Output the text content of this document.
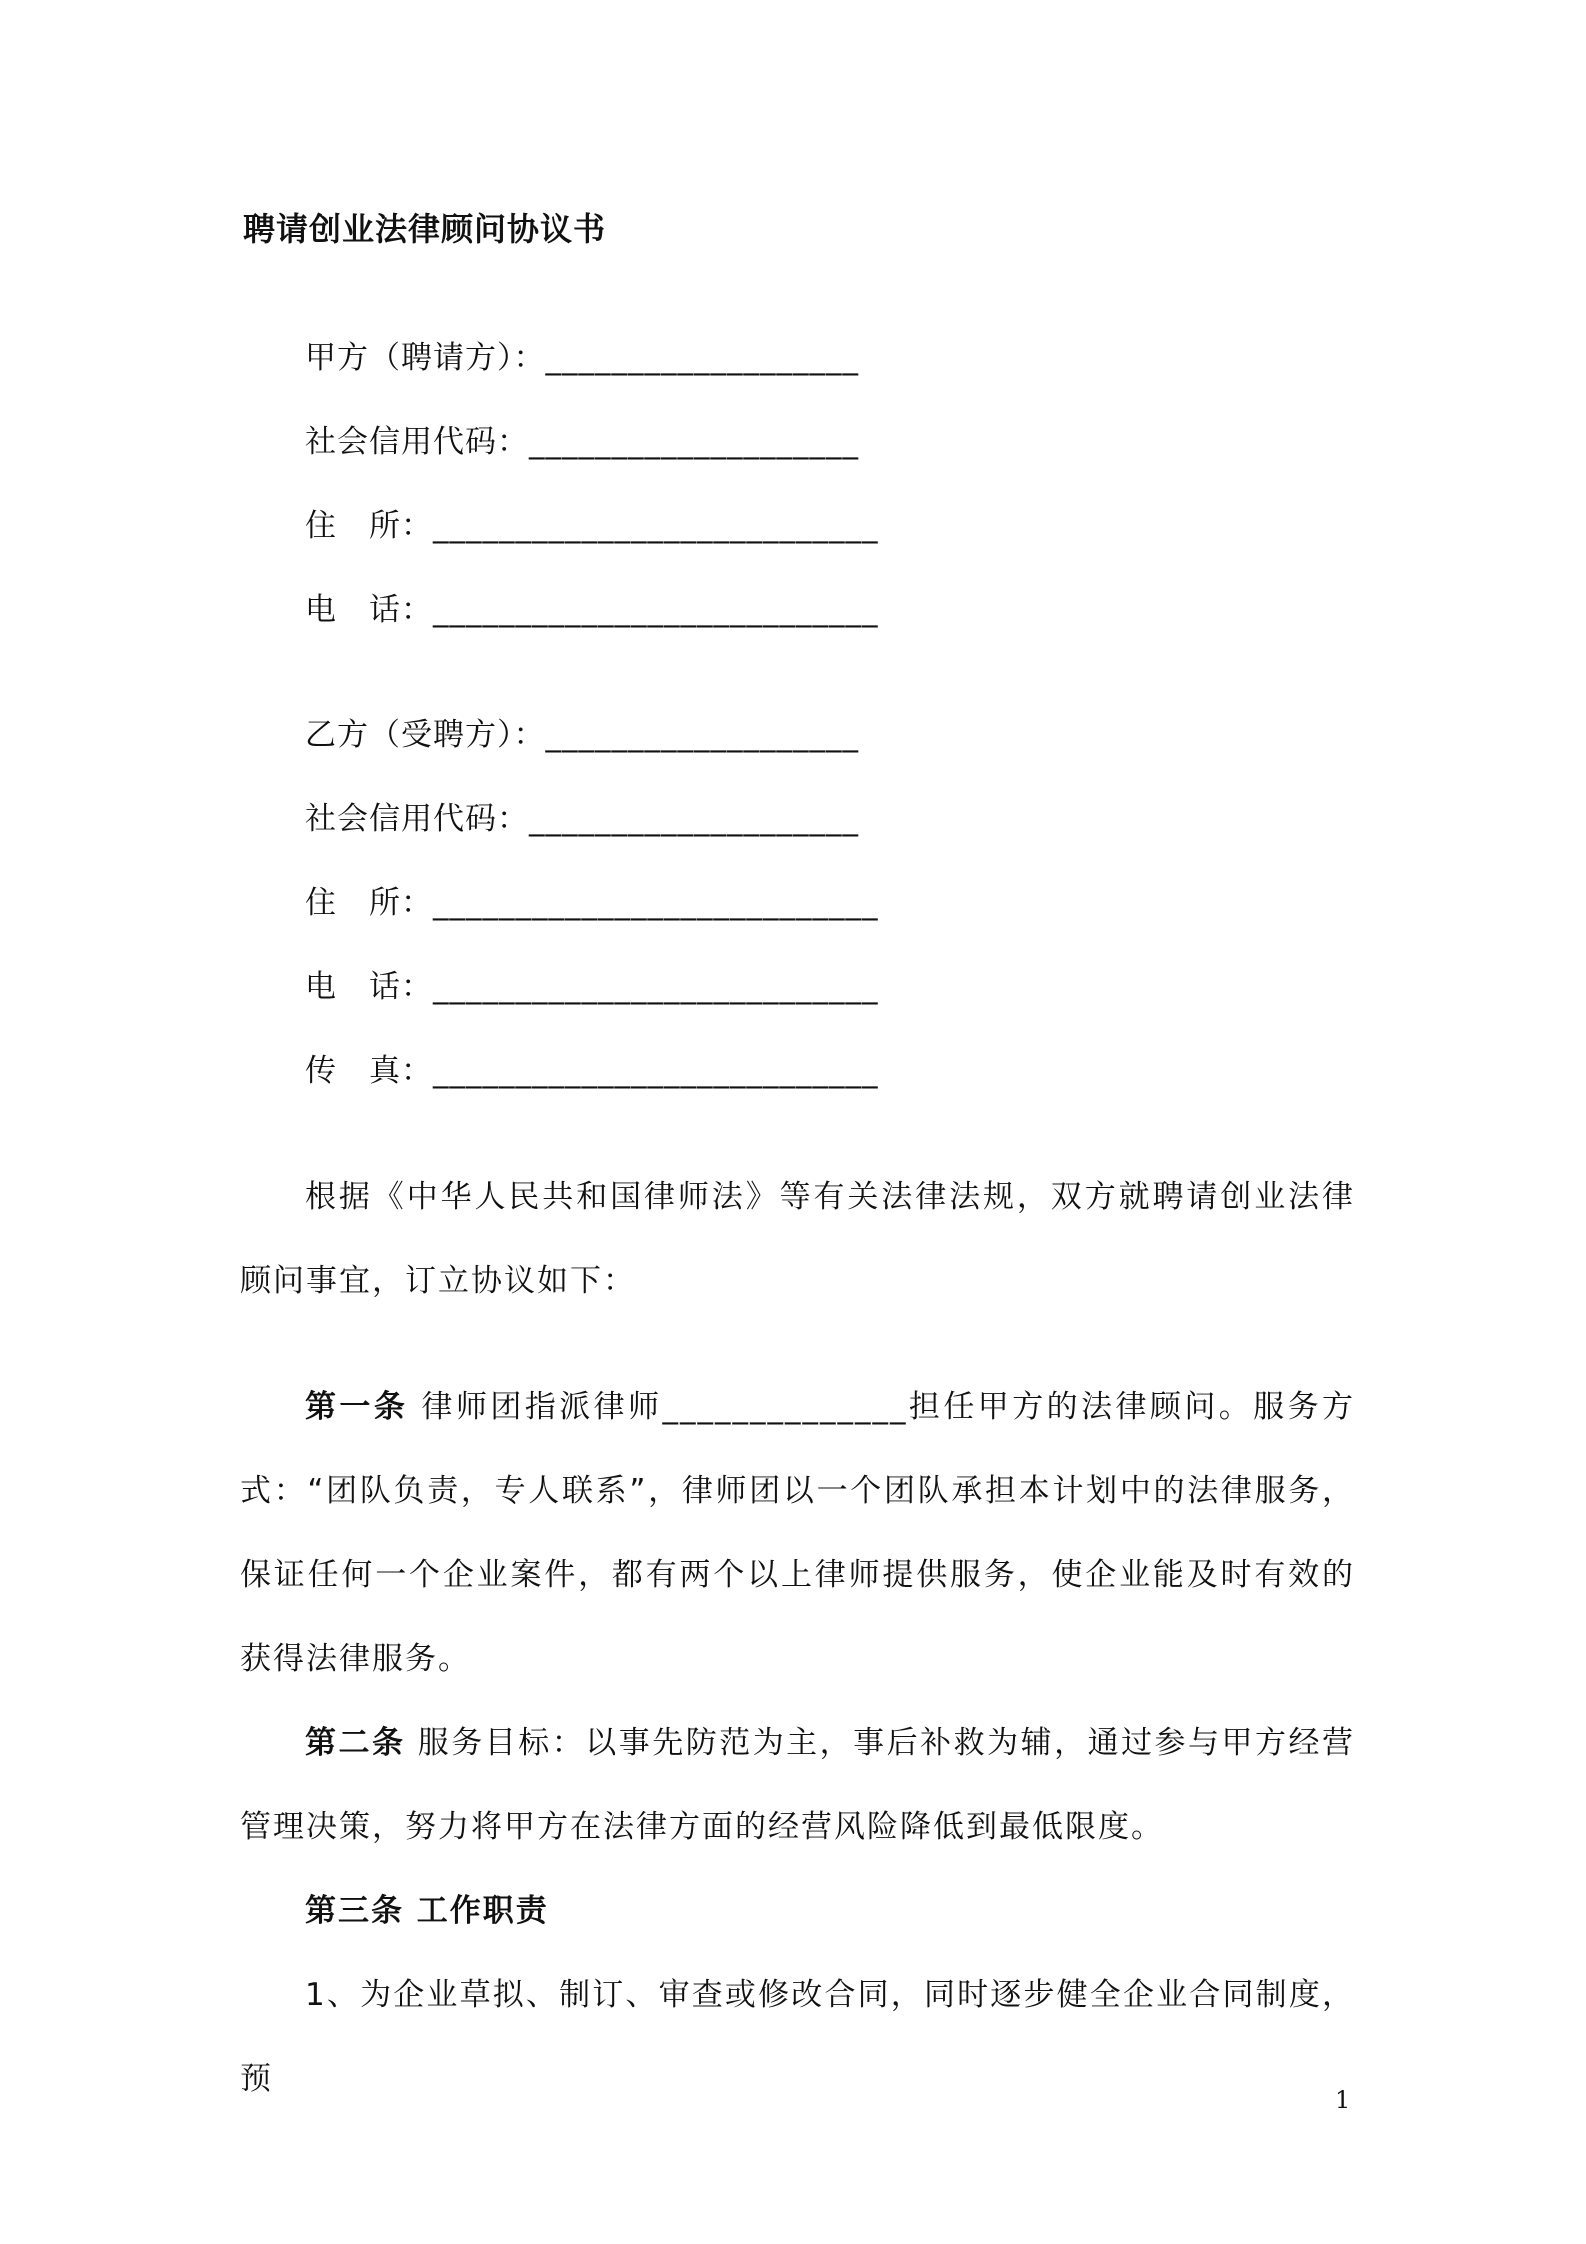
聘请创业法律顾问协议书
甲方（聘请方）：___________________
社会信用代码：____________________
住　所：___________________________
电　话：___________________________
乙方（受聘方）：___________________
社会信用代码：____________________
住　所：___________________________
电　话：___________________________
传　真：___________________________
根据《中华人民共和国律师法》等有关法律法规，双方就聘请创业法律顾问事宜，订立协议如下：
第一条 律师团指派律师______________担任甲方的法律顾问。服务方式：“团队负责，专人联系”，律师团以一个团队承担本计划中的法律服务，保证任何一个企业案件，都有两个以上律师提供服务，使企业能及时有效的获得法律服务。
第二条 服务目标：以事先防范为主，事后补救为辅，通过参与甲方经营管理决策，努力将甲方在法律方面的经营风险降低到最低限度。
第三条 工作职责
1、为企业草拟、制订、审查或修改合同，同时逐步健全企业合同制度，预
1
